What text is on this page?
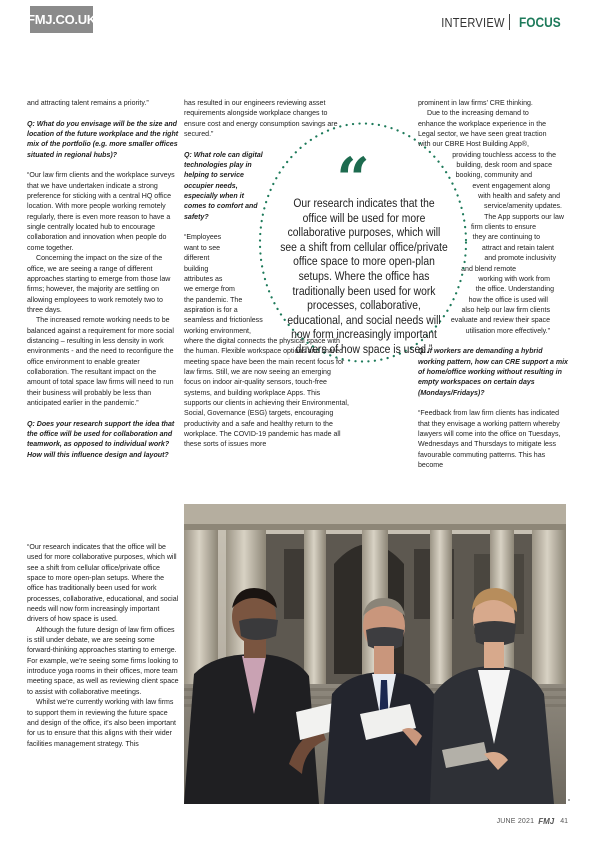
FMJ.CO.UK	INTERVIEW FOCUS

and attracting talent remains a priority.”

Q: What do you envisage will be the size and location of the future workplace and the right mix of the portfolio (e.g. more smaller offices situated in regional hubs)?

“Our law firm clients and the workplace surveys that we have undertaken indicate a strong preference for sticking with a central HQ office location. With more people working remotely regularly, there is even more reason to have a single centrally located hub to encourage collaboration and innovation when people do come together.

Concerning the impact on the size of the office, we are seeing a range of different approaches starting to emerge from those law firms; however, the majority are settling on allowing employees to work remotely two to three days.

The increased remote working needs to be balanced against a requirement for more social distancing – resulting in less density in work environments - and the need to reconfigure the office environment to enable greater collaboration. The resultant impact on the amount of total space law firms will need to run their business will probably be less than anticipated earlier in the pandemic.”

Q: Does your research support the idea that the office will be used for collaboration and teamwork, as opposed to individual work? How will this influence design and layout?

“Our research indicates that the office will be used for more collaborative purposes, which will see a shift from cellular office/private office space to more open-plan setups. Where the office has traditionally been used for work processes, collaborative, educational, and social needs will now form increasingly important drivers of how space is used.

Although the future design of law firm offices is still under debate, we are seeing some forward-thinking approaches starting to emerge. For example, we’re seeing some firms looking to introduce yoga rooms in their offices, more team meeting space, as well as reviewing client space to assist with collaborative meetings.

Whilst we’re currently working with law firms to support them in reviewing the future space and design of the office, it’s also been important for us to ensure that this aligns with their wider facilities management strategy. This

has resulted in our engineers reviewing asset requirements alongside workplace changes to ensure cost and energy consumption savings are secured.”

Q: What role can digital technologies play in helping to service occupier needs, especially when it comes to comfort and safety?

“Employees

want to see

different

building

attributes as

we emerge from

the pandemic. The

aspiration is for a

seamless and frictionless

working environment,

where the digital connects the physical space with the human. Flexible workspace options and shared meeting space have been the main recent focus for law firms. Still, we are now seeing an emerging focus on indoor air-quality sensors, touch-free systems, and building workplace Apps. This supports our clients in achieving their Environmental, Social, Governance (ESG) targets, encouraging productivity and a safe and healthy return to the workplace. The COVID-19 pandemic has made all these sorts of issues more

prominent in law firms’ CRE thinking.

Due to the increasing demand to

enhance the workplace experience in the

Legal sector, we have seen great traction

with our CBRE Host Building App®,

providing touchless access to the

building, desk room and space

booking, community and

event engagement along

with health and safety and

service/amenity updates.

The App supports our law

firm clients to ensure

they are continuing to

attract and retain talent

and promote inclusivity

and blend remote

working with work from

the office. Understanding

how the office is used will

also help our law firm clients

evaluate and review their space

utilisation more effectively.”

Q: If workers are demanding a hybrid working pattern, how can CRE support a mix of home/office working without resulting in empty workspaces on certain days (Mondays/Fridays)?

“Feedback from law firm clients has indicated that they envisage a working pattern whereby lawyers will come into the office on Tuesdays, Wednesdays and Thursdays to mitigate less favourable commuting patterns. This has become

“
Our research indicates that the office will be used for more collaborative purposes, which will see a shift from cellular office/private office space to more open-plan setups. Where the office has traditionally been used for work processes, collaborative, educational, and social needs will now form increasingly important drivers of how space is used.”
JUNE 2021 FMJ 41
